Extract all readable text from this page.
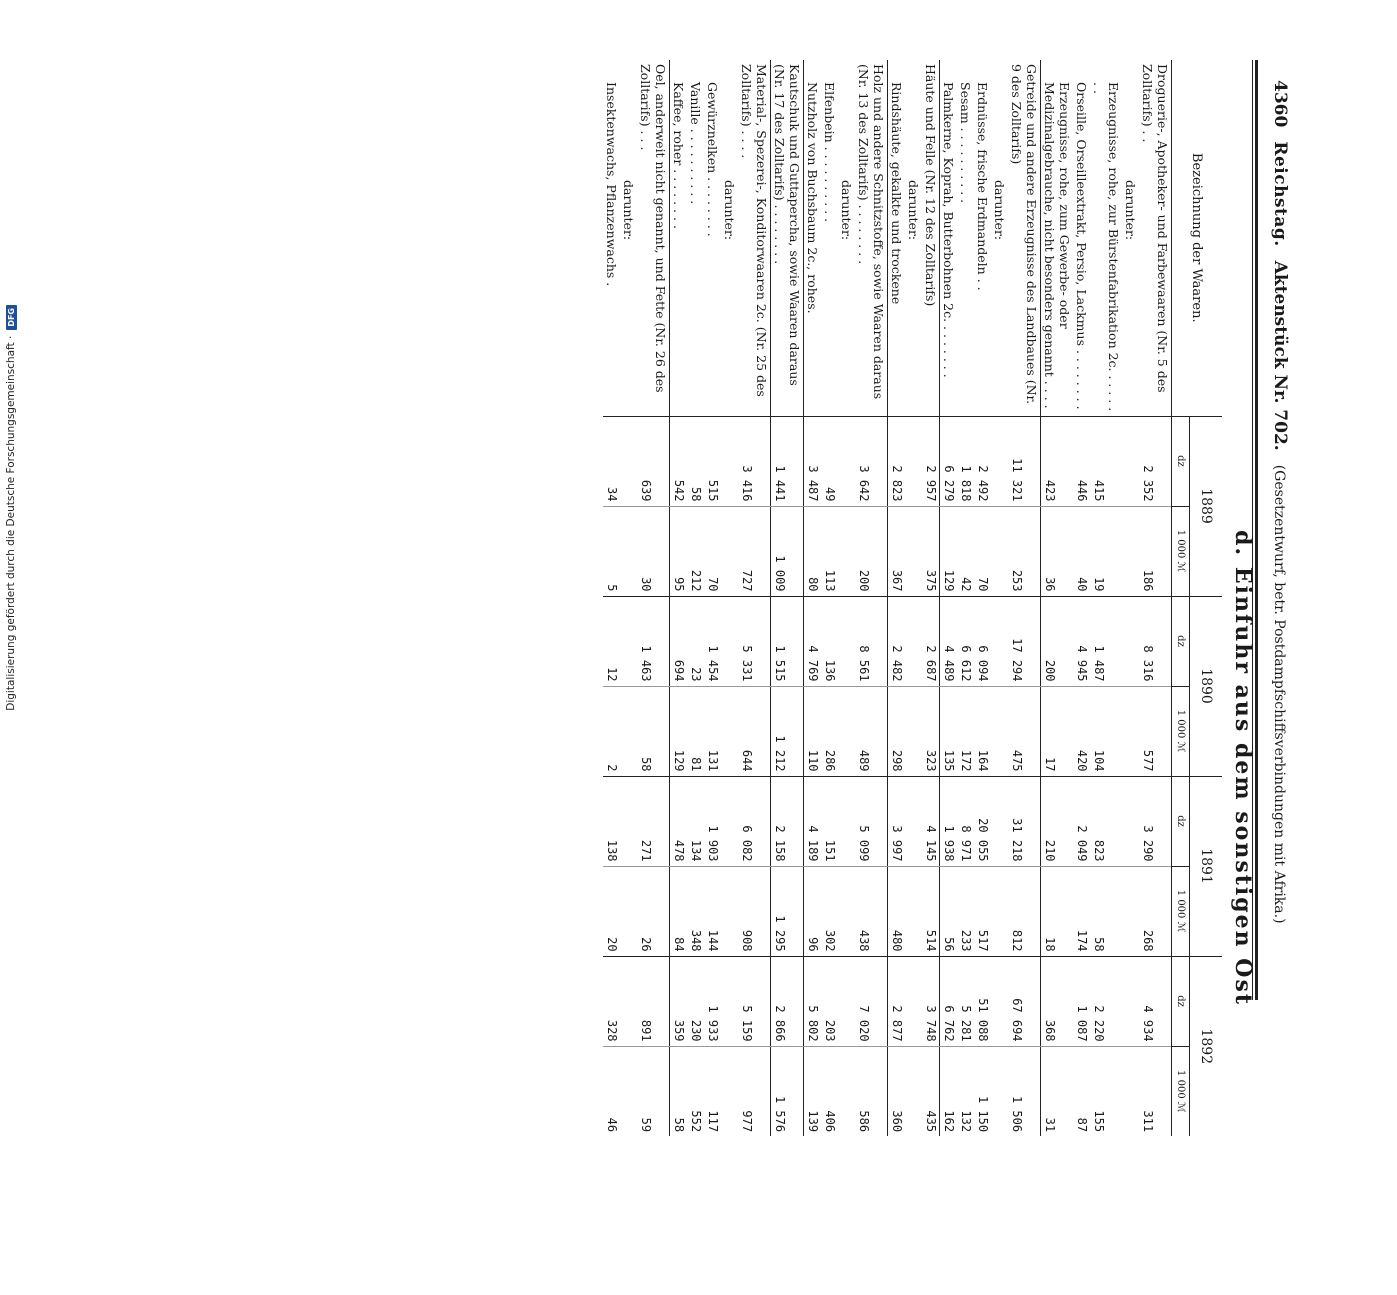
Digitalisierung gefördert durch die Deutsche Forschungsgemeinschaft ·
DFG
4360
Reichstag.
Aktenstück Nr. 702.
(Gesetzentwurf, betr. Postdampfschiffsverbindungen mit Afrika.)
d. Einfuhr aus dem sonstigen Ost
Bezeichnung der Waaren.	1889		1890		1891		1892	
	dz	1 000 ℳ	dz	1 000 ℳ	dz	1 000 ℳ	dz	1 000 ℳ
Droguerie-, Apotheker- und Farbewaaren (Nr. 5 des Zolltarifs) . .	2 352	186	8 316	577	3 290	268	4 934	311
darunter:								
Erzeugnisse, rohe, zur Bürstenfabrikation 2c. . . . . . . .	415	19	1 487	104	823	58	2 220	155
Orseille, Orseilleextrakt, Persio, Lackmus . . . . . . . .	446	40	4 945	420	2 049	174	1 087	87
Erzeugnisse, rohe, zum Gewerbe- oder Medizinalgebrauche, nicht besonders genannt . . . .	423	36	200	17	210	18	368	31
Getreide und andere Erzeugnisse des Landbaues (Nr. 9 des Zolltarifs)	11 321	253	17 294	475	31 218	812	67 694	1 506
darunter:								
Erdnüsse, frische Erdmandeln . .	2 492	70	6 094	164	20 055	517	51 088	1 150
Sesam . . . . . . . . . .	1 818	42	6 612	172	8 971	233	5 281	132
Palmkerne, Koprah, Butterbohnen 2c. . . . . . . .	6 279	129	4 489	135	1 938	56	6 762	162
Häute und Felle (Nr. 12 des Zolltarifs)	2 957	375	2 687	323	4 145	514	3 748	435
darunter:								
Rindshäute, gekalkte und trockene	2 823	367	2 482	298	3 997	480	2 877	360
Holz und andere Schnitzstoffe, sowie Waaren daraus (Nr. 13 des Zolltarifs) . . . . . . . .	3 642	200	8 561	489	5 099	438	7 020	586
darunter:								
Elfenbein . . . . . . . . . .	49	113	136	286	151	302	203	406
Nutzholz von Buchsbaum 2c., rohes.	3 487	80	4 769	110	4 189	96	5 802	139
Kautschuk und Guttapercha, sowie Waaren daraus (Nr. 17 des Zolltarifs) . . . . . . . .	1 441	1 009	1 515	1 212	2 158	1 295	2 866	1 576
Material-, Spezerei-, Konditorwaaren 2c. (Nr. 25 des Zolltarifs) . . . .	3 416	727	5 331	644	6 082	908	5 159	977
darunter:								
Gewürznelken . . . . . . . .	515	70	1 454	131	1 903	144	1 933	117
Vanille . . . . . . . . . .	58	212	23	81	134	348	230	552
Kaffee, roher . . . . . . . .	542	95	694	129	478	84	359	58
Oel, anderweit nicht genannt, und Fette (Nr. 26 des Zolltarifs) . . .	639	30	1 463	58	271	26	891	59
darunter:								
Insektenwachs, Pflanzenwachs .	34	5	12	2	138	20	328	46
